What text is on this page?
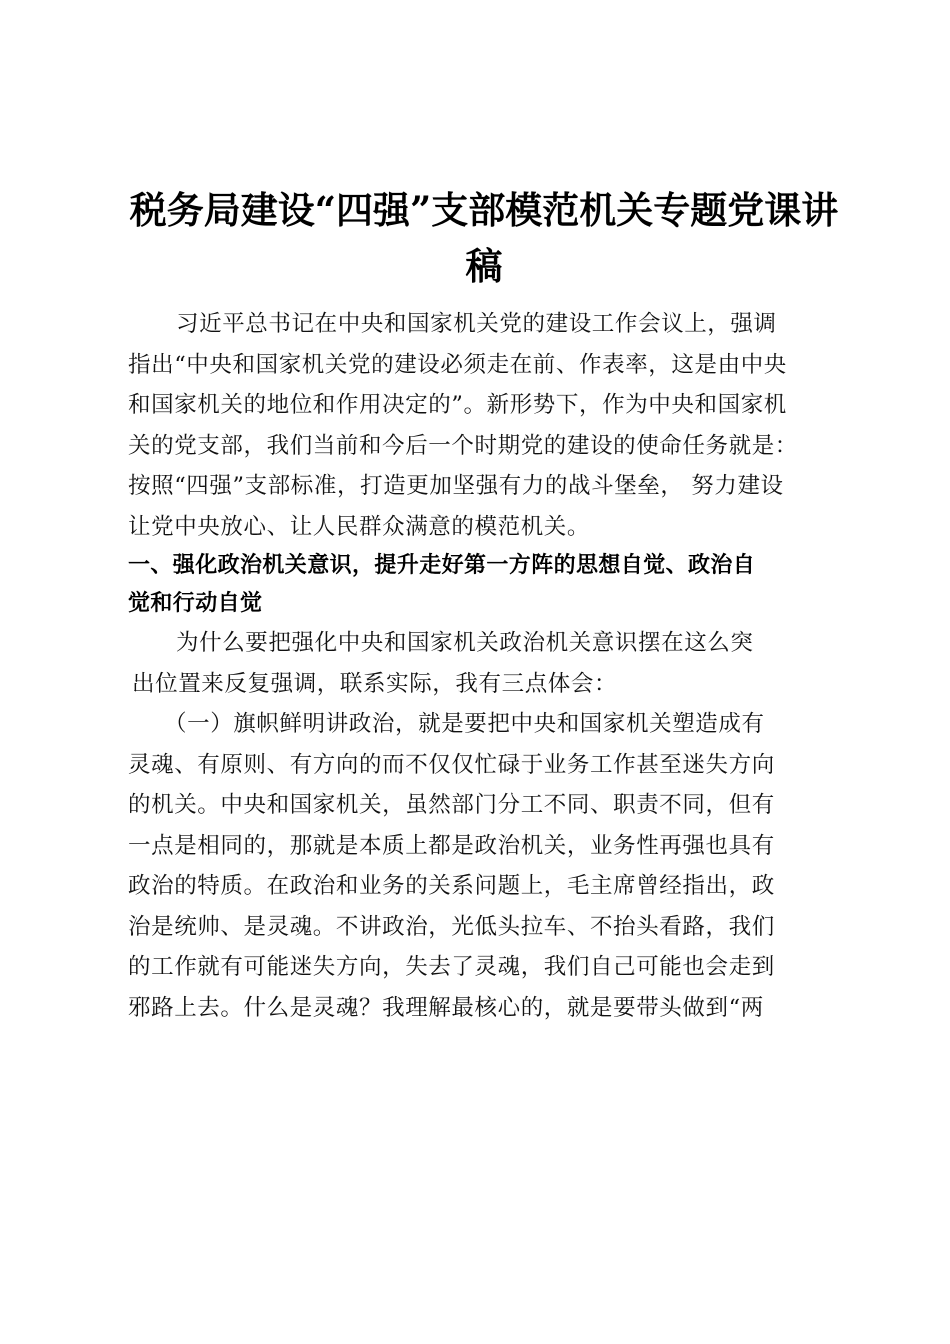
税务局建设“四强”支部模范机关专题党课讲
稿

习近平总书记在中央和国家机关党的建设工作会议上，强调
指出“中央和国家机关党的建设必须走在前、作表率，这是由中央
和国家机关的地位和作用决定的”。新形势下，作为中央和国家机
关的党支部，我们当前和今后一个时期党的建设的使命任务就是：
按照“四强”支部标准，打造更加坚强有力的战斗堡垒， 努力建设
让党中央放心、让人民群众满意的模范机关。

一、强化政治机关意识，提升走好第一方阵的思想自觉、政治自
觉和行动自觉

为什么要把强化中央和国家机关政治机关意识摆在这么突
出位置来反复强调，联系实际，我有三点体会：

（一）旗帜鲜明讲政治，就是要把中央和国家机关塑造成有
灵魂、有原则、有方向的而不仅仅忙碌于业务工作甚至迷失方向
的机关。中央和国家机关，虽然部门分工不同、职责不同，但有
一点是相同的，那就是本质上都是政治机关，业务性再强也具有
政治的特质。在政治和业务的关系问题上，毛主席曾经指出，政
治是统帅、是灵魂。不讲政治，光低头拉车、不抬头看路，我们
的工作就有可能迷失方向，失去了灵魂，我们自己可能也会走到
邪路上去。什么是灵魂？我理解最核心的，就是要带头做到“两
